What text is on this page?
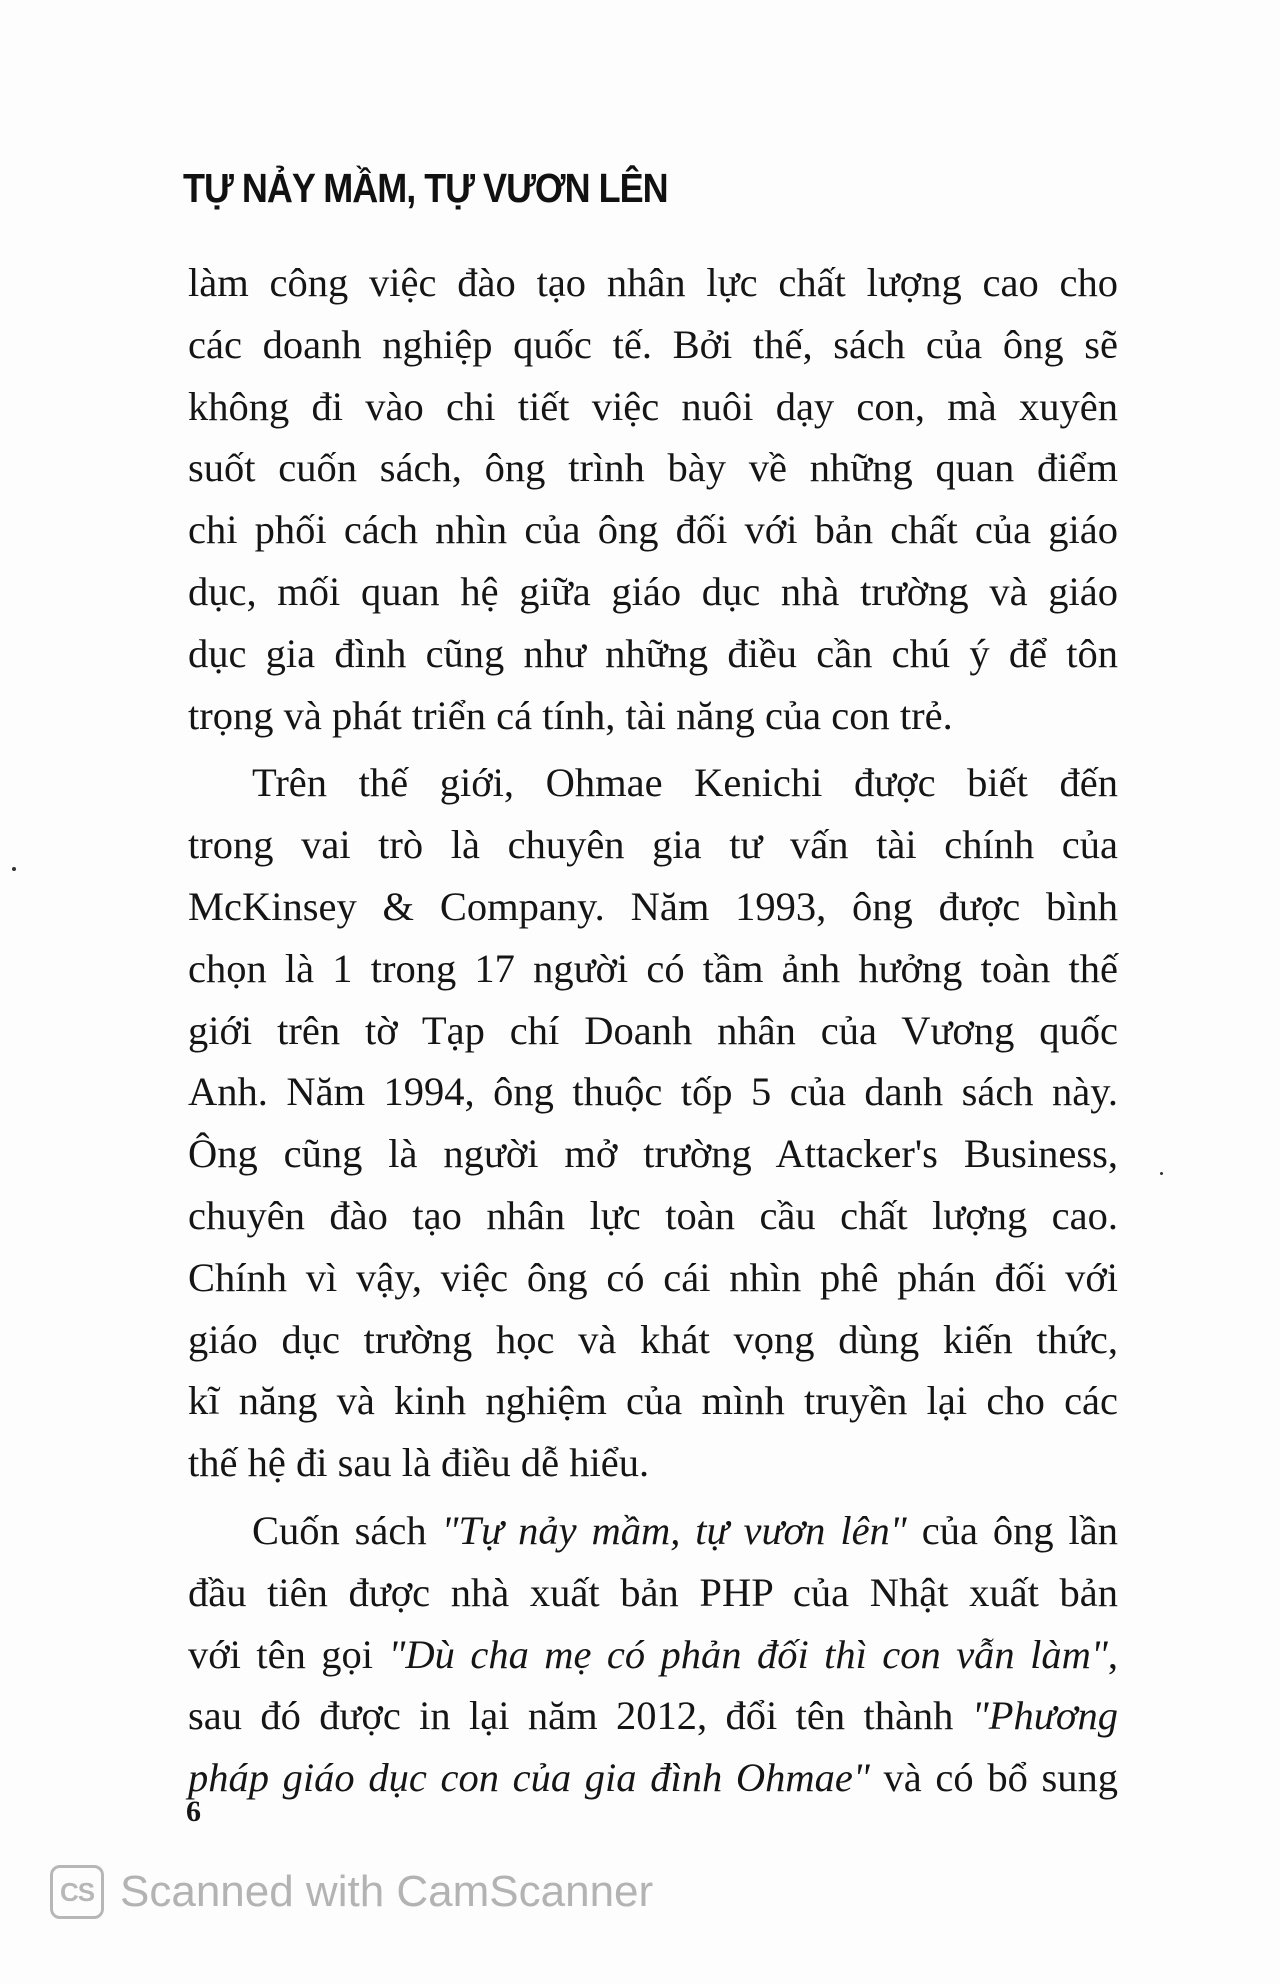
TỰ NẢY MẦM, TỰ VƯƠN LÊN

làm công việc đào tạo nhân lực chất lượng cao cho
các doanh nghiệp quốc tế. Bởi thế, sách của ông sẽ
không đi vào chi tiết việc nuôi dạy con, mà xuyên
suốt cuốn sách, ông trình bày về những quan điểm
chi phối cách nhìn của ông đối với bản chất của giáo
dục, mối quan hệ giữa giáo dục nhà trường và giáo
dục gia đình cũng như những điều cần chú ý để tôn
trọng và phát triển cá tính, tài năng của con trẻ.

Trên thế giới, Ohmae Kenichi được biết đến
trong vai trò là chuyên gia tư vấn tài chính của
McKinsey & Company. Năm 1993, ông được bình
chọn là 1 trong 17 người có tầm ảnh hưởng toàn thế
giới trên tờ Tạp chí Doanh nhân của Vương quốc
Anh. Năm 1994, ông thuộc tốp 5 của danh sách này.
Ông cũng là người mở trường Attacker's Business,
chuyên đào tạo nhân lực toàn cầu chất lượng cao.
Chính vì vậy, việc ông có cái nhìn phê phán đối với
giáo dục trường học và khát vọng dùng kiến thức,
kĩ năng và kinh nghiệm của mình truyền lại cho các
thế hệ đi sau là điều dễ hiểu.

Cuốn sách "Tự nảy mầm, tự vươn lên" của ông lần
đầu tiên được nhà xuất bản PHP của Nhật xuất bản
với tên gọi "Dù cha mẹ có phản đối thì con vẫn làm",
sau đó được in lại năm 2012, đổi tên thành "Phương
pháp giáo dục con của gia đình Ohmae" và có bổ sung

6
CS Scanned with CamScanner
